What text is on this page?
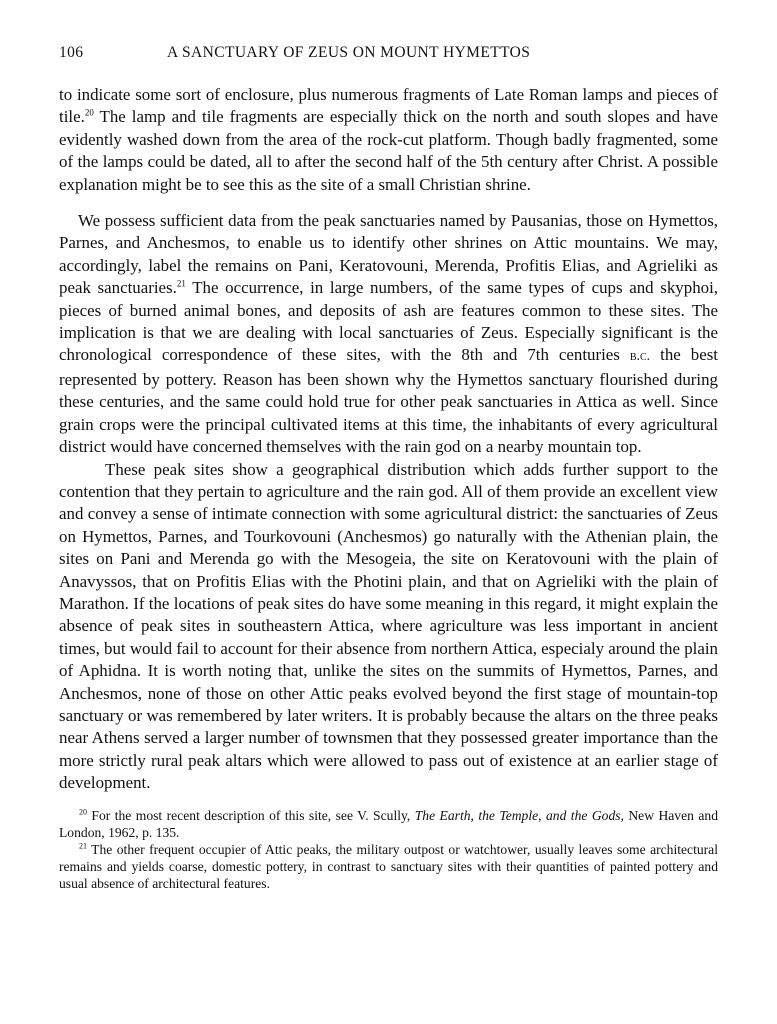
106	A SANCTUARY OF ZEUS ON MOUNT HYMETTOS

to indicate some sort of enclosure, plus numerous fragments of Late Roman lamps and pieces of tile.$^{20}$ The lamp and tile fragments are especially thick on the north and south slopes and have evidently washed down from the area of the rock-cut platform. Though badly fragmented, some of the lamps could be dated, all to after the second half of the 5th century after Christ. A possible explanation might be to see this as the site of a small Christian shrine.

We possess sufficient data from the peak sanctuaries named by Pausanias, those on Hymettos, Parnes, and Anchesmos, to enable us to identify other shrines on Attic mountains. We may, accordingly, label the remains on Pani, Keratovouni, Merenda, Profitis Elias, and Agrieliki as peak sanctuaries.$^{21}$ The occurrence, in large numbers, of the same types of cups and skyphoi, pieces of burned animal bones, and deposits of ash are features common to these sites. The implication is that we are dealing with local sanctuaries of Zeus. Especially significant is the chronological correspondence of these sites, with the 8th and 7th centuries b.c. the best represented by pottery. Reason has been shown why the Hymettos sanctuary flourished during these centuries, and the same could hold true for other peak sanctuaries in Attica as well. Since grain crops were the principal cultivated items at this time, the inhabitants of every agricultural district would have concerned themselves with the rain god on a nearby mountain top.

These peak sites show a geographical distribution which adds further support to the contention that they pertain to agriculture and the rain god. All of them provide an excellent view and convey a sense of intimate connection with some agricultural district: the sanctuaries of Zeus on Hymettos, Parnes, and Tourkovouni (Anchesmos) go naturally with the Athenian plain, the sites on Pani and Merenda go with the Mesogeia, the site on Keratovouni with the plain of Anavyssos, that on Profitis Elias with the Photini plain, and that on Agrieliki with the plain of Marathon. If the locations of peak sites do have some meaning in this regard, it might explain the absence of peak sites in southeastern Attica, where agriculture was less important in ancient times, but would fail to account for their absence from northern Attica, especialy around the plain of Aphidna. It is worth noting that, unlike the sites on the summits of Hymettos, Parnes, and Anchesmos, none of those on other Attic peaks evolved beyond the first stage of mountain-top sanctuary or was remembered by later writers. It is probably because the altars on the three peaks near Athens served a larger number of townsmen that they possessed greater importance than the more strictly rural peak altars which were allowed to pass out of existence at an earlier stage of development.

$^{20}$ For the most recent description of this site, see V. Scully, The Earth, the Temple, and the Gods, New Haven and London, 1962, p. 135.

$^{21}$ The other frequent occupier of Attic peaks, the military outpost or watchtower, usually leaves some architectural remains and yields coarse, domestic pottery, in contrast to sanctuary sites with their quantities of painted pottery and usual absence of architectural features.
